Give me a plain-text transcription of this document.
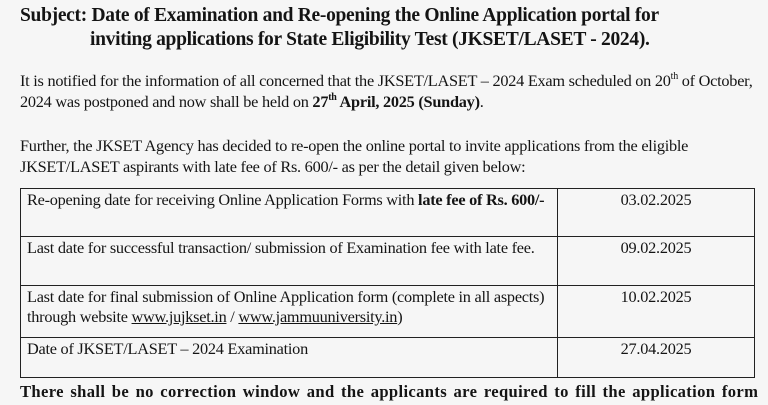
Subject: Date of Examination and Re-opening the Online Application portal for
inviting applications for State Eligibility Test (JKSET/LASET - 2024).
It is notified for the information of all concerned that the JKSET/LASET – 2024 Exam scheduled on 20th of October, 2024 was postponed and now shall be held on 27th April, 2025 (Sunday).
Further, the JKSET Agency has decided to re-open the online portal to invite applications from the eligible JKSET/LASET aspirants with late fee of Rs. 600/- as per the detail given below:
Re-opening date for receiving Online Application Forms with late fee of Rs. 600/-	03.02.2025
Last date for successful transaction/ submission of Examination fee with late fee.	09.02.2025
Last date for final submission of Online Application form (complete in all aspects) through website www.jujkset.in / www.jammuuniversity.in)	10.02.2025
Date of JKSET/LASET – 2024 Examination	27.04.2025
There shall be no correction window and the applicants are required to fill the application form
